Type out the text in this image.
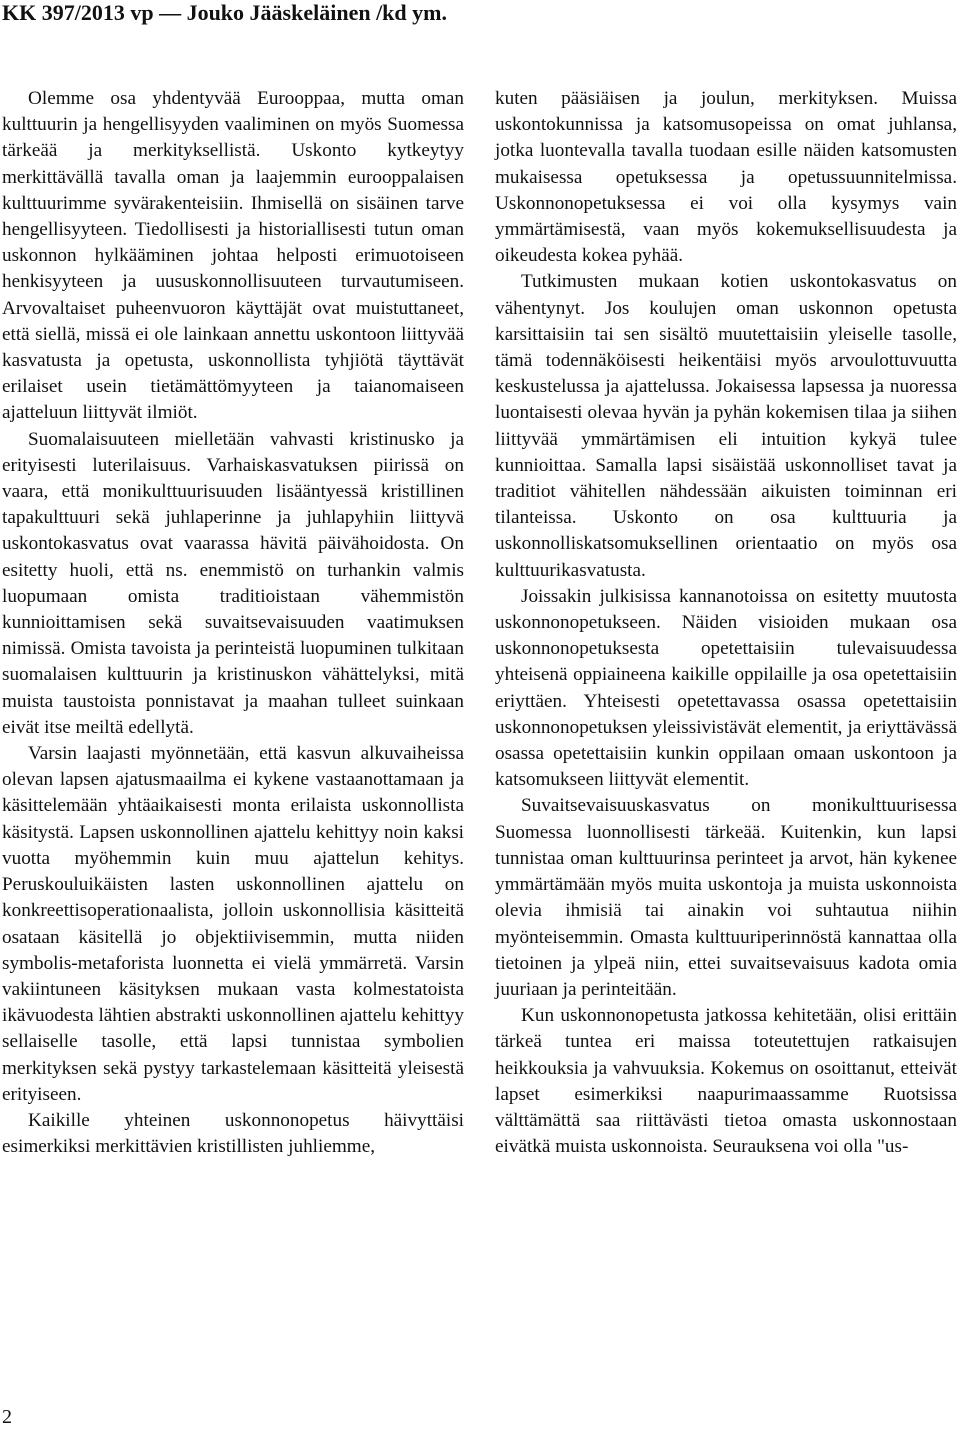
KK 397/2013 vp — Jouko Jääskeläinen /kd ym.

Olemme osa yhdentyvää Eurooppaa, mutta oman kulttuurin ja hengellisyyden vaaliminen on myös Suomessa tärkeää ja merkityksellistä. Uskonto kytkeytyy merkittävällä tavalla oman ja laajemmin eurooppalaisen kulttuurimme syvärakenteisiin. Ihmisellä on sisäinen tarve hengellisyyteen. Tiedollisesti ja historiallisesti tutun oman uskonnon hylkääminen johtaa helposti erimuotoiseen henkisyyteen ja uususkonnollisuuteen turvautumiseen. Arvovaltaiset puheenvuoron käyttäjät ovat muistuttaneet, että siellä, missä ei ole lainkaan annettu uskontoon liittyvää kasvatusta ja opetusta, uskonnollista tyhjiötä täyttävät erilaiset usein tietämättömyyteen ja taianomaiseen ajatteluun liittyvät ilmiöt.

Suomalaisuuteen mielletään vahvasti kristinusko ja erityisesti luterilaisuus. Varhaiskasvatuksen piirissä on vaara, että monikulttuurisuuden lisääntyessä kristillinen tapakulttuuri sekä juhlaperinne ja juhlapyhiin liittyvä uskontokasvatus ovat vaarassa hävitä päivähoidosta. On esitetty huoli, että ns. enemmistö on turhankin valmis luopumaan omista traditioistaan vähemmistön kunnioittamisen sekä suvaitsevaisuuden vaatimuksen nimissä. Omista tavoista ja perinteistä luopuminen tulkitaan suomalaisen kulttuurin ja kristinuskon vähättelyksi, mitä muista taustoista ponnistavat ja maahan tulleet suinkaan eivät itse meiltä edellytä.

Varsin laajasti myönnetään, että kasvun alkuvaiheissa olevan lapsen ajatusmaailma ei kykene vastaanottamaan ja käsittelemään yhtäaikaisesti monta erilaista uskonnollista käsitystä. Lapsen uskonnollinen ajattelu kehittyy noin kaksi vuotta myöhemmin kuin muu ajattelun kehitys. Peruskouluikäisten lasten uskonnollinen ajattelu on konkreettisoperationaalista, jolloin uskonnollisia käsitteitä osataan käsitellä jo objektiivisemmin, mutta niiden symbolis-metaforista luonnetta ei vielä ymmärretä. Varsin vakiintuneen käsityksen mukaan vasta kolmestatoista ikävuodesta lähtien abstrakti uskonnollinen ajattelu kehittyy sellaiselle tasolle, että lapsi tunnistaa symbolien merkityksen sekä pystyy tarkastelemaan käsitteitä yleisestä erityiseen.

Kaikille yhteinen uskonnonopetus häivyttäisi esimerkiksi merkittävien kristillisten juhliemme,

kuten pääsiäisen ja joulun, merkityksen. Muissa uskontokunnissa ja katsomusopeissa on omat juhlansa, jotka luontevalla tavalla tuodaan esille näiden katsomusten mukaisessa opetuksessa ja opetussuunnitelmissa. Uskonnonopetuksessa ei voi olla kysymys vain ymmärtämisestä, vaan myös kokemuksellisuudesta ja oikeudesta kokea pyhää.

Tutkimusten mukaan kotien uskontokasvatus on vähentynyt. Jos koulujen oman uskonnon opetusta karsittaisiin tai sen sisältö muutettaisiin yleiselle tasolle, tämä todennäköisesti heikentäisi myös arvoulottuvuutta keskustelussa ja ajattelussa. Jokaisessa lapsessa ja nuoressa luontaisesti olevaa hyvän ja pyhän kokemisen tilaa ja siihen liittyvää ymmärtämisen eli intuition kykyä tulee kunnioittaa. Samalla lapsi sisäistää uskonnolliset tavat ja traditiot vähitellen nähdessään aikuisten toiminnan eri tilanteissa. Uskonto on osa kulttuuria ja uskonnolliskatsomuksellinen orientaatio on myös osa kulttuurikasvatusta.

Joissakin julkisissa kannanotoissa on esitetty muutosta uskonnonopetukseen. Näiden visioiden mukaan osa uskonnonopetuksesta opetettaisiin tulevaisuudessa yhteisenä oppiaineena kaikille oppilaille ja osa opetettaisiin eriyttäen. Yhteisesti opetettavassa osassa opetettaisiin uskonnonopetuksen yleissivistävät elementit, ja eriyttävässä osassa opetettaisiin kunkin oppilaan omaan uskontoon ja katsomukseen liittyvät elementit.

Suvaitsevaisuuskasvatus on monikulttuurisessa Suomessa luonnollisesti tärkeää. Kuitenkin, kun lapsi tunnistaa oman kulttuurinsa perinteet ja arvot, hän kykenee ymmärtämään myös muita uskontoja ja muista uskonnoista olevia ihmisiä tai ainakin voi suhtautua niihin myönteisemmin. Omasta kulttuuriperinnöstä kannattaa olla tietoinen ja ylpeä niin, ettei suvaitsevaisuus kadota omia juuriaan ja perinteitään.

Kun uskonnonopetusta jatkossa kehitetään, olisi erittäin tärkeä tuntea eri maissa toteutettujen ratkaisujen heikkouksia ja vahvuuksia. Kokemus on osoittanut, etteivät lapset esimerkiksi naapurimaassamme Ruotsissa välttämättä saa riittävästi tietoa omasta uskonnostaan eivätkä muista uskonnoista. Seurauksena voi olla "us-

2
